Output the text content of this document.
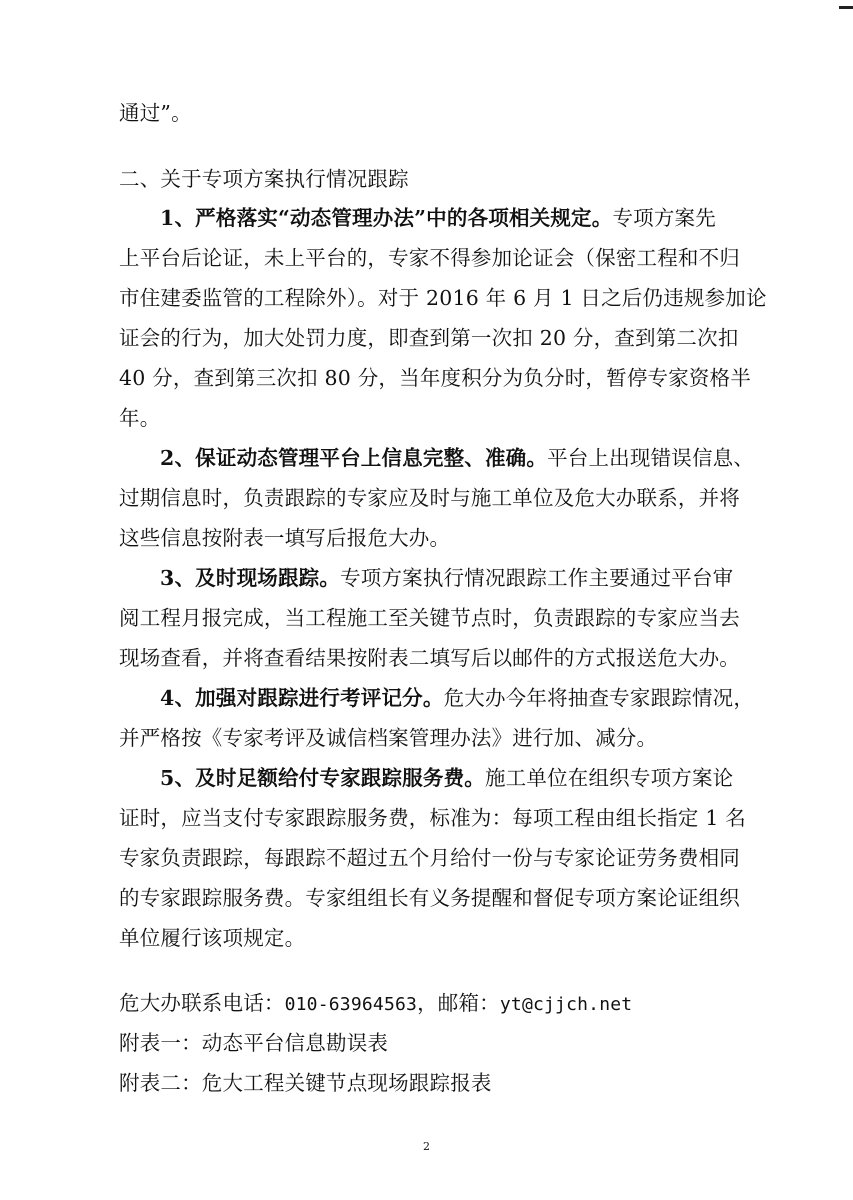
通过”。
二、关于专项方案执行情况跟踪
1、严格落实“动态管理办法”中的各项相关规定。专项方案先
上平台后论证，未上平台的，专家不得参加论证会（保密工程和不归
市住建委监管的工程除外）。对于 2016 年 6 月 1 日之后仍违规参加论
证会的行为，加大处罚力度，即查到第一次扣 20 分，查到第二次扣
40 分，查到第三次扣 80 分，当年度积分为负分时，暂停专家资格半
年。
2、保证动态管理平台上信息完整、准确。平台上出现错误信息、
过期信息时，负责跟踪的专家应及时与施工单位及危大办联系，并将
这些信息按附表一填写后报危大办。
3、及时现场跟踪。专项方案执行情况跟踪工作主要通过平台审
阅工程月报完成，当工程施工至关键节点时，负责跟踪的专家应当去
现场查看，并将查看结果按附表二填写后以邮件的方式报送危大办。
4、加强对跟踪进行考评记分。危大办今年将抽查专家跟踪情况，
并严格按《专家考评及诚信档案管理办法》进行加、减分。
5、及时足额给付专家跟踪服务费。施工单位在组织专项方案论
证时，应当支付专家跟踪服务费，标准为：每项工程由组长指定 1 名
专家负责跟踪，每跟踪不超过五个月给付一份与专家论证劳务费相同
的专家跟踪服务费。专家组组长有义务提醒和督促专项方案论证组织
单位履行该项规定。
危大办联系电话：010-63964563，邮箱：yt@cjjch.net
附表一：动态平台信息勘误表
附表二：危大工程关键节点现场跟踪报表
2
